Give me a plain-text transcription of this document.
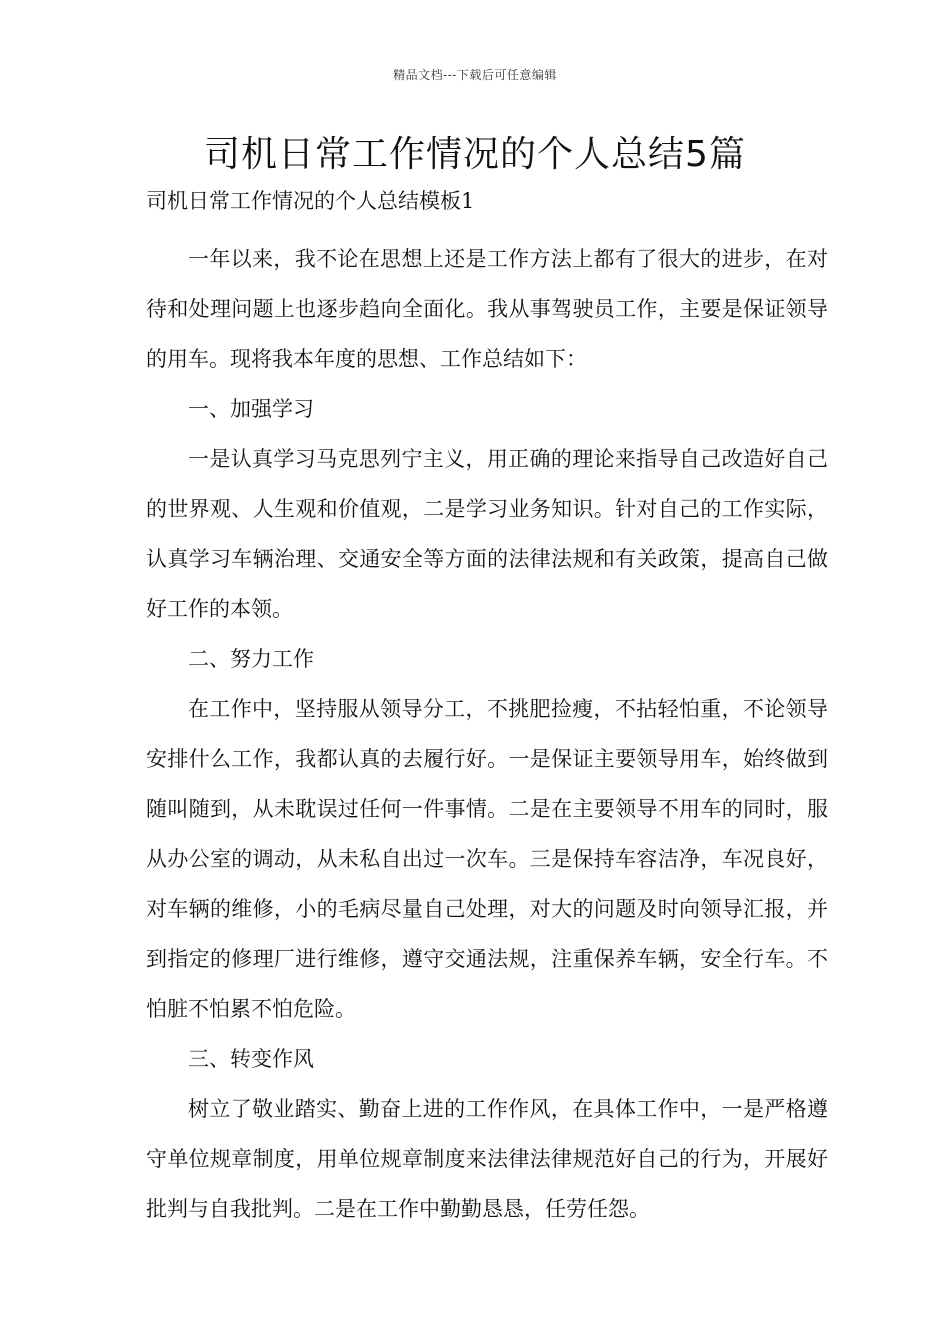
精品文档---下载后可任意编辑
司机日常工作情况的个人总结5篇

司机日常工作情况的个人总结模板1

一年以来，我不论在思想上还是工作方法上都有了很大的进步，在对待和处理问题上也逐步趋向全面化。我从事驾驶员工作，主要是保证领导的用车。现将我本年度的思想、工作总结如下：

一、加强学习

一是认真学习马克思列宁主义，用正确的理论来指导自己改造好自己的世界观、人生观和价值观，二是学习业务知识。针对自己的工作实际，认真学习车辆治理、交通安全等方面的法律法规和有关政策，提高自己做好工作的本领。

二、努力工作

在工作中，坚持服从领导分工，不挑肥捡瘦，不拈轻怕重，不论领导安排什么工作，我都认真的去履行好。一是保证主要领导用车，始终做到随叫随到，从未耽误过任何一件事情。二是在主要领导不用车的同时，服从办公室的调动，从未私自出过一次车。三是保持车容洁净，车况良好，对车辆的维修，小的毛病尽量自己处理，对大的问题及时向领导汇报，并到指定的修理厂进行维修，遵守交通法规，注重保养车辆，安全行车。不怕脏不怕累不怕危险。

三、转变作风

树立了敬业踏实、勤奋上进的工作作风，在具体工作中，一是严格遵守单位规章制度，用单位规章制度来法律法律规范好自己的行为，开展好批判与自我批判。二是在工作中勤勤恳恳，任劳任怨。
